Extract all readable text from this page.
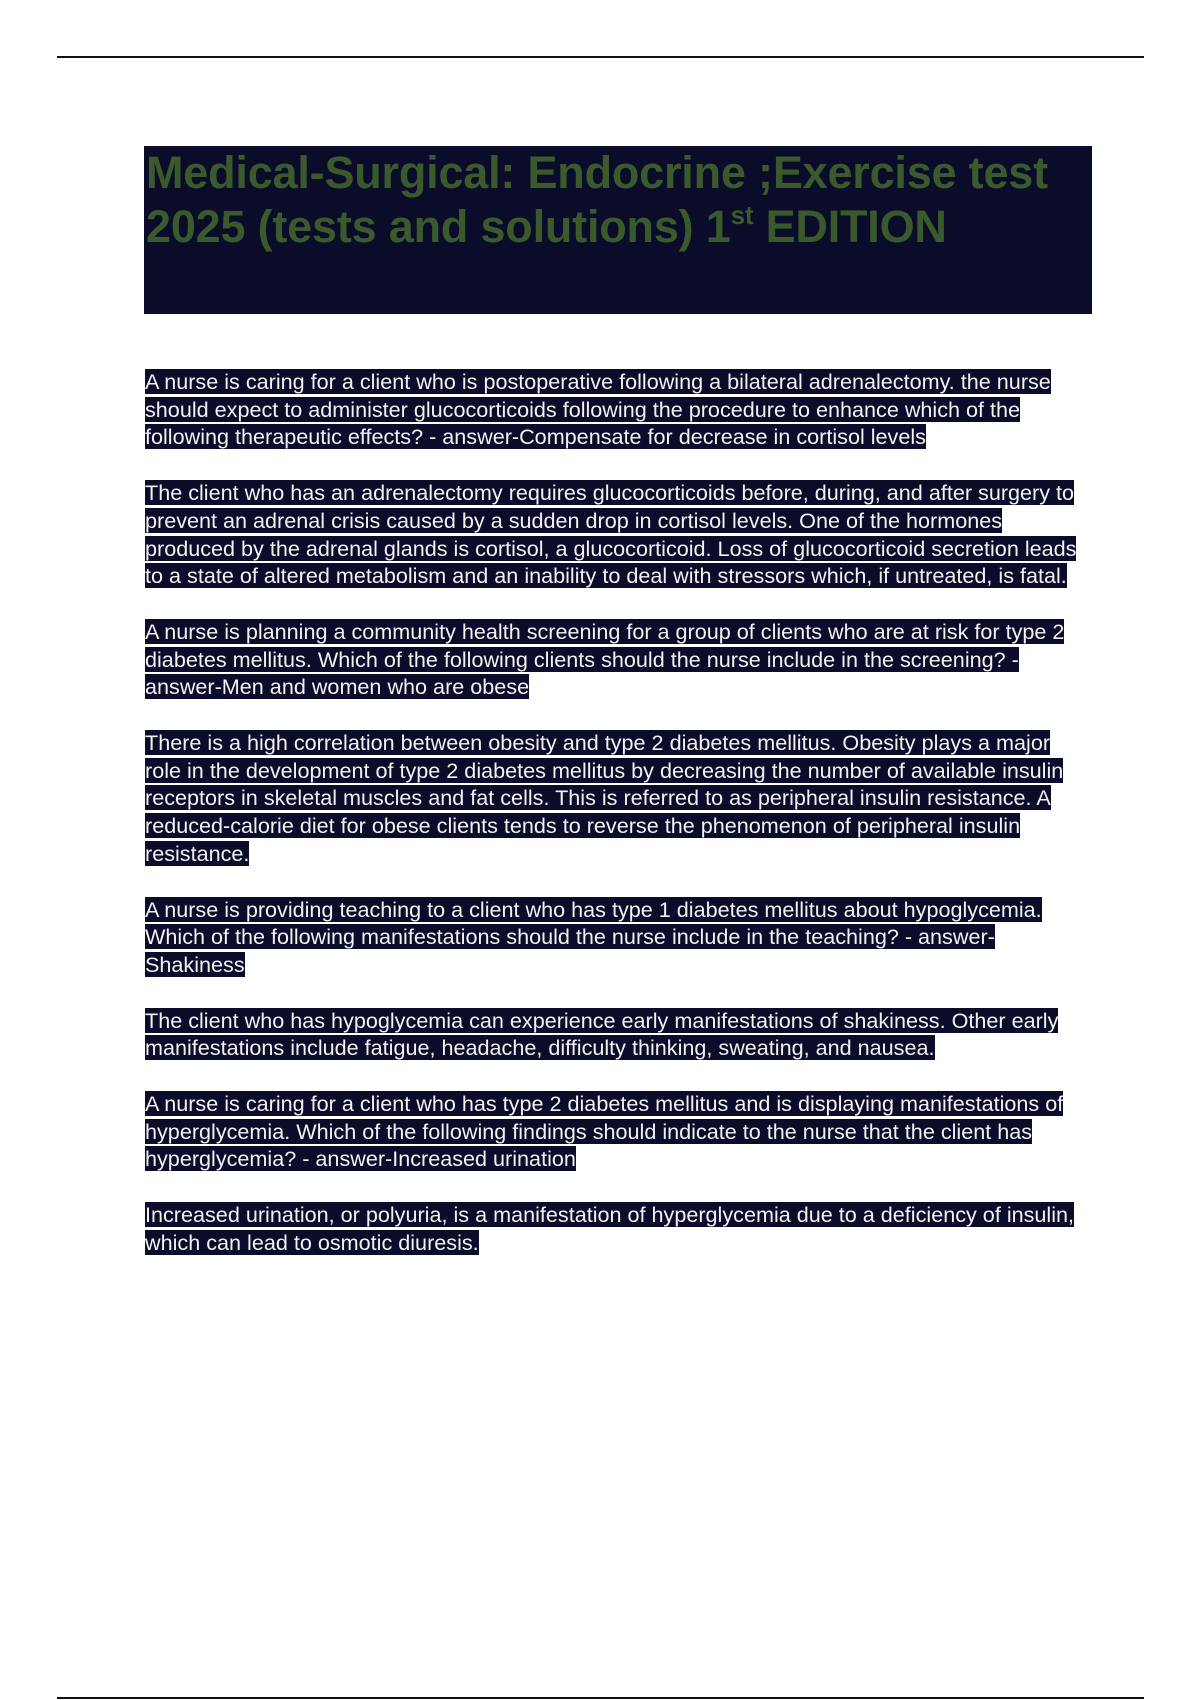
Medical-Surgical: Endocrine ;Exercise test 2025 (tests and solutions) 1st EDITION

A nurse is caring for a client who is postoperative following a bilateral adrenalectomy. the nurse should expect to administer glucocorticoids following the procedure to enhance which of the following therapeutic effects? - answer-Compensate for decrease in cortisol levels

The client who has an adrenalectomy requires glucocorticoids before, during, and after surgery to prevent an adrenal crisis caused by a sudden drop in cortisol levels. One of the hormones produced by the adrenal glands is cortisol, a glucocorticoid. Loss of glucocorticoid secretion leads to a state of altered metabolism and an inability to deal with stressors which, if untreated, is fatal.

A nurse is planning a community health screening for a group of clients who are at risk for type 2 diabetes mellitus. Which of the following clients should the nurse include in the screening? - answer-Men and women who are obese

There is a high correlation between obesity and type 2 diabetes mellitus. Obesity plays a major role in the development of type 2 diabetes mellitus by decreasing the number of available insulin receptors in skeletal muscles and fat cells. This is referred to as peripheral insulin resistance. A reduced-calorie diet for obese clients tends to reverse the phenomenon of peripheral insulin resistance.

A nurse is providing teaching to a client who has type 1 diabetes mellitus about hypoglycemia. Which of the following manifestations should the nurse include in the teaching? - answer-Shakiness

The client who has hypoglycemia can experience early manifestations of shakiness. Other early manifestations include fatigue, headache, difficulty thinking, sweating, and nausea.

A nurse is caring for a client who has type 2 diabetes mellitus and is displaying manifestations of hyperglycemia. Which of the following findings should indicate to the nurse that the client has hyperglycemia? - answer-Increased urination

Increased urination, or polyuria, is a manifestation of hyperglycemia due to a deficiency of insulin, which can lead to osmotic diuresis.
